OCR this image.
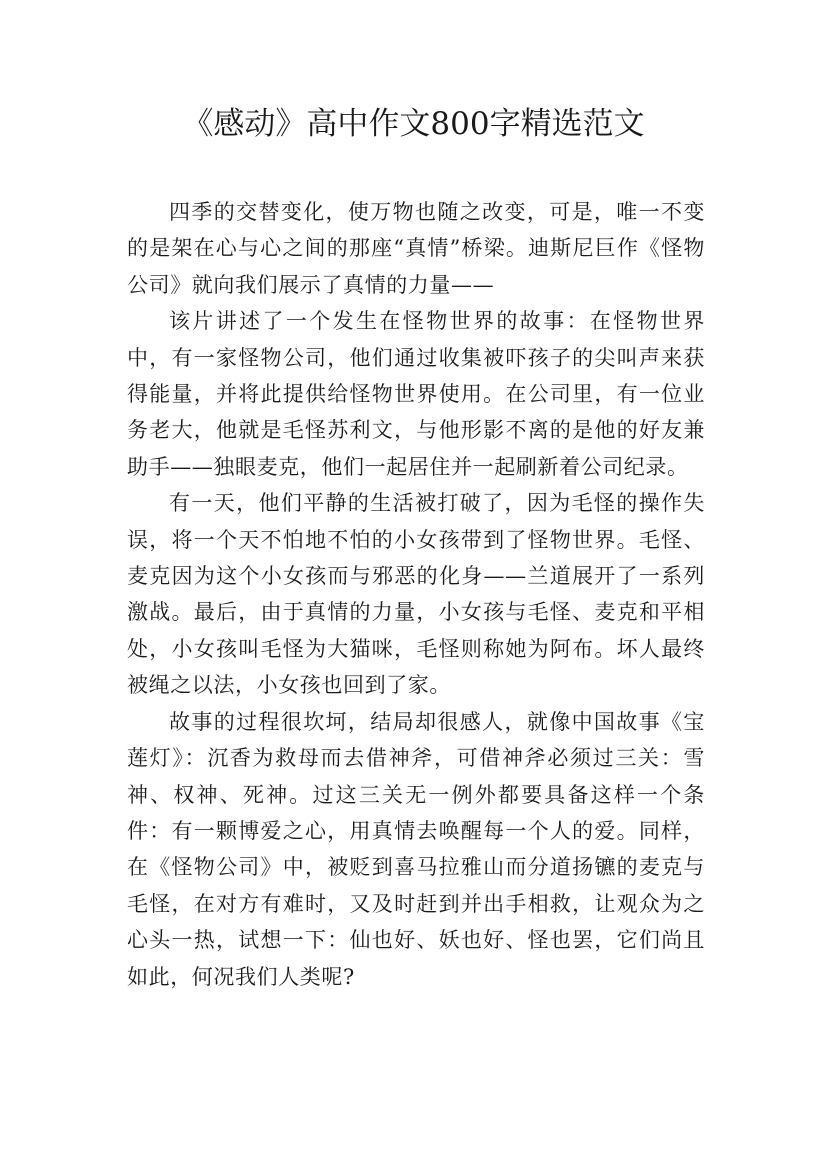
《感动》高中作文800字精选范文

四季的交替变化，使万物也随之改变，可是，唯一不变的是架在心与心之间的那座“真情”桥梁。迪斯尼巨作《怪物公司》就向我们展示了真情的力量——

该片讲述了一个发生在怪物世界的故事：在怪物世界中，有一家怪物公司，他们通过收集被吓孩子的尖叫声来获得能量，并将此提供给怪物世界使用。在公司里，有一位业务老大，他就是毛怪苏利文，与他形影不离的是他的好友兼助手——独眼麦克，他们一起居住并一起刷新着公司纪录。

有一天，他们平静的生活被打破了，因为毛怪的操作失误，将一个天不怕地不怕的小女孩带到了怪物世界。毛怪、麦克因为这个小女孩而与邪恶的化身——兰道展开了一系列激战。最后，由于真情的力量，小女孩与毛怪、麦克和平相处，小女孩叫毛怪为大猫咪，毛怪则称她为阿布。坏人最终被绳之以法，小女孩也回到了家。

故事的过程很坎坷，结局却很感人，就像中国故事《宝莲灯》：沉香为救母而去借神斧，可借神斧必须过三关：雪神、权神、死神。过这三关无一例外都要具备这样一个条件：有一颗博爱之心，用真情去唤醒每一个人的爱。同样，在《怪物公司》中，被贬到喜马拉雅山而分道扬镳的麦克与毛怪，在对方有难时，又及时赶到并出手相救，让观众为之心头一热，试想一下：仙也好、妖也好、怪也罢，它们尚且如此，何况我们人类呢?
